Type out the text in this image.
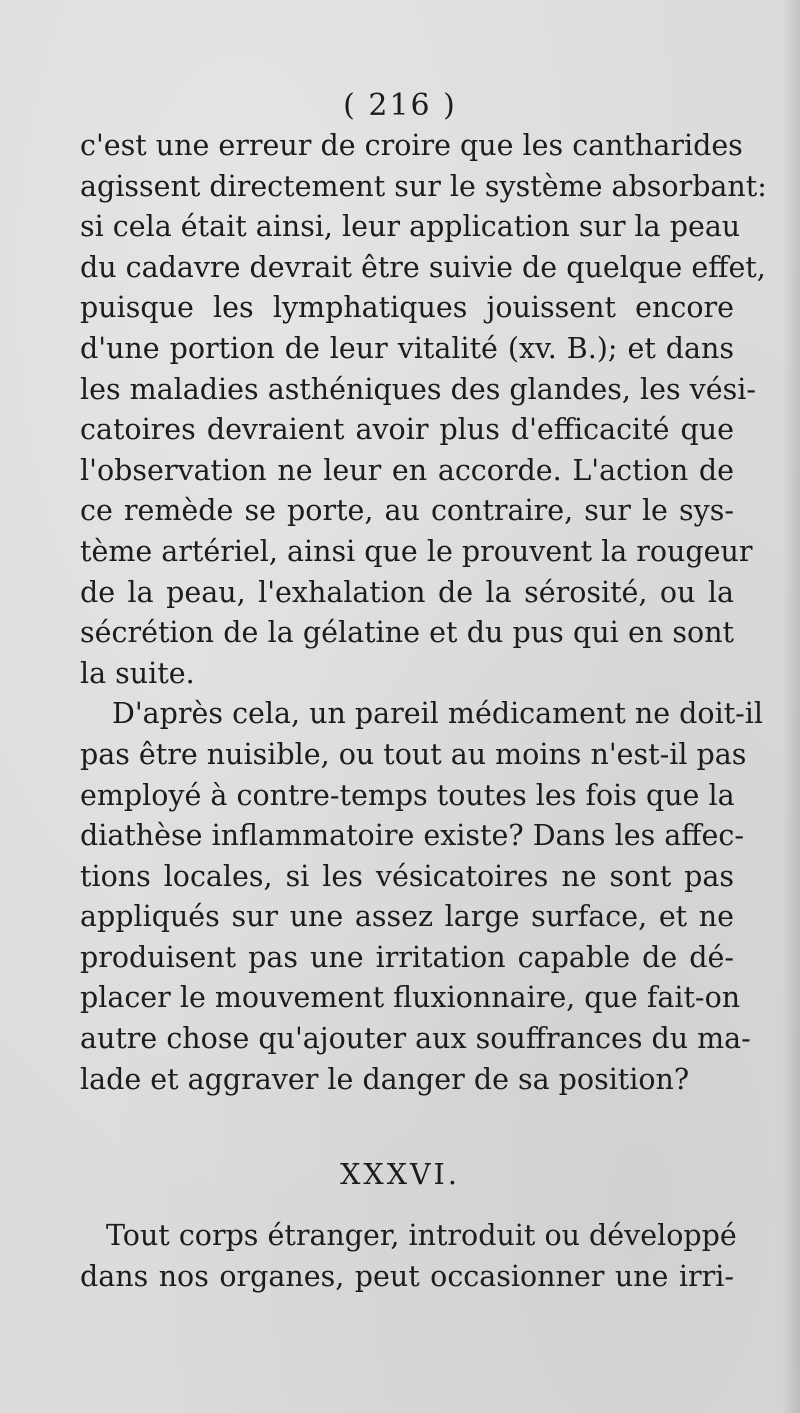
( 216 )
c'est une erreur de croire que les cantharides
agissent directement sur le système absorbant:
si cela était ainsi, leur application sur la peau
du cadavre devrait être suivie de quelque effet,
puisque les lymphatiques jouissent encore
d'une portion de leur vitalité (xv. B.); et dans
les maladies asthéniques des glandes, les vési-
catoires devraient avoir plus d'efficacité que
l'observation ne leur en accorde. L'action de
ce remède se porte, au contraire, sur le sys-
tème artériel, ainsi que le prouvent la rougeur
de la peau, l'exhalation de la sérosité, ou la
sécrétion de la gélatine et du pus qui en sont
la suite.
D'après cela, un pareil médicament ne doit-il
pas être nuisible, ou tout au moins n'est-il pas
employé à contre-temps toutes les fois que la
diathèse inflammatoire existe? Dans les affec-
tions locales, si les vésicatoires ne sont pas
appliqués sur une assez large surface, et ne
produisent pas une irritation capable de dé-
placer le mouvement fluxionnaire, que fait-on
autre chose qu'ajouter aux souffrances du ma-
lade et aggraver le danger de sa position?
XXXVI.
Tout corps étranger, introduit ou développé
dans nos organes, peut occasionner une irri-
